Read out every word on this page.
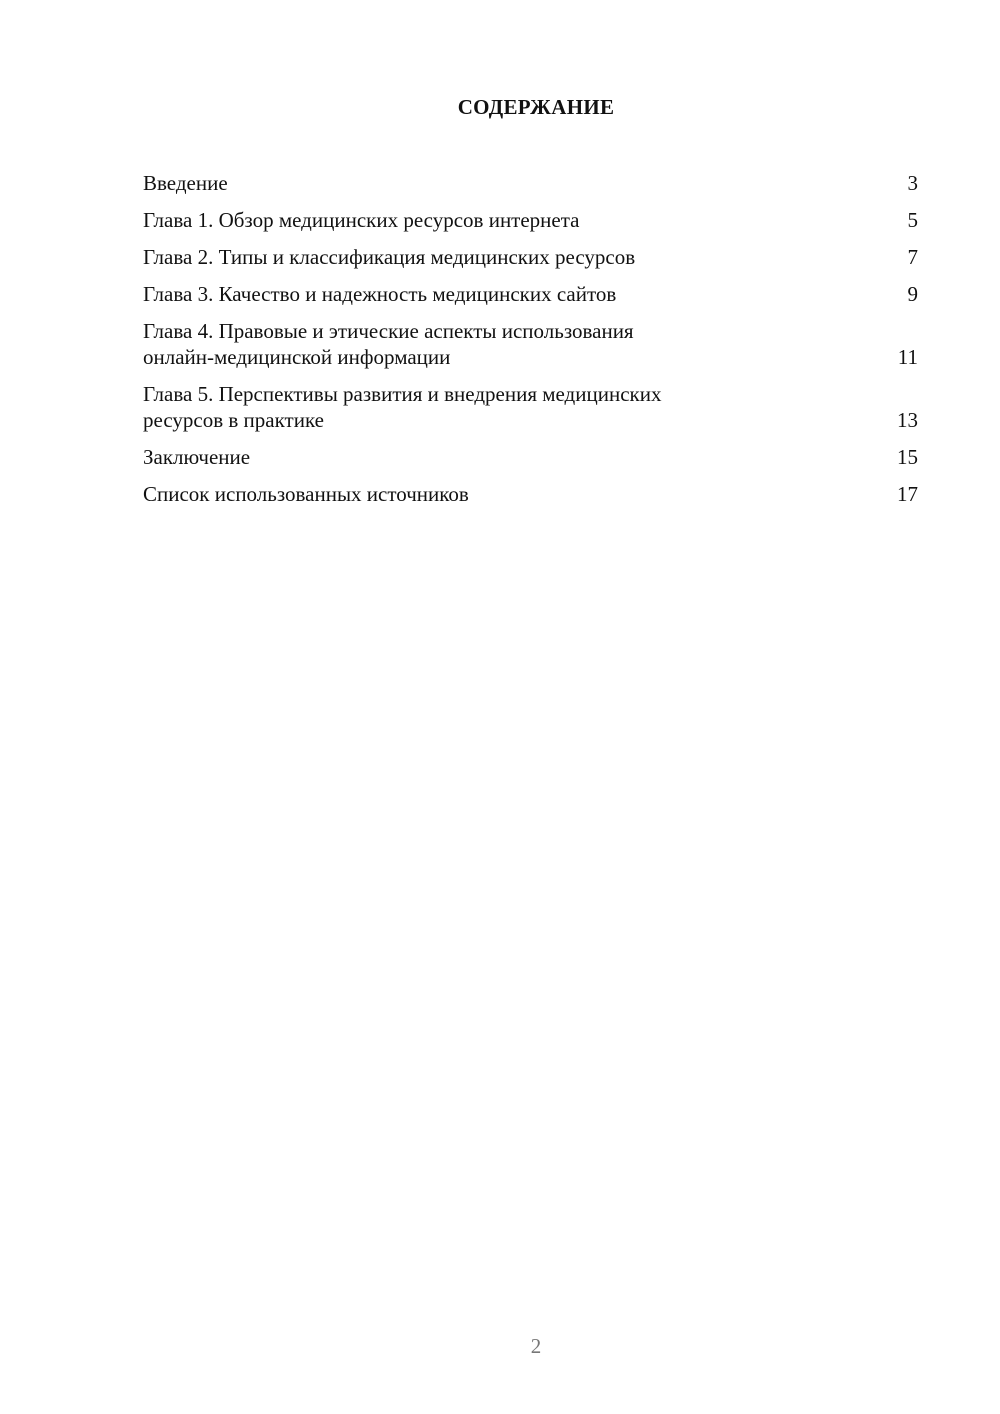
СОДЕРЖАНИЕ
Введение	3
Глава 1. Обзор медицинских ресурсов интернета	5
Глава 2. Типы и классификация медицинских ресурсов	7
Глава 3. Качество и надежность медицинских сайтов	9
Глава 4. Правовые и этические аспекты использования
онлайн-медицинской информации	11
Глава 5. Перспективы развития и внедрения медицинских
ресурсов в практике	13
Заключение	15
Список использованных источников	17
2
